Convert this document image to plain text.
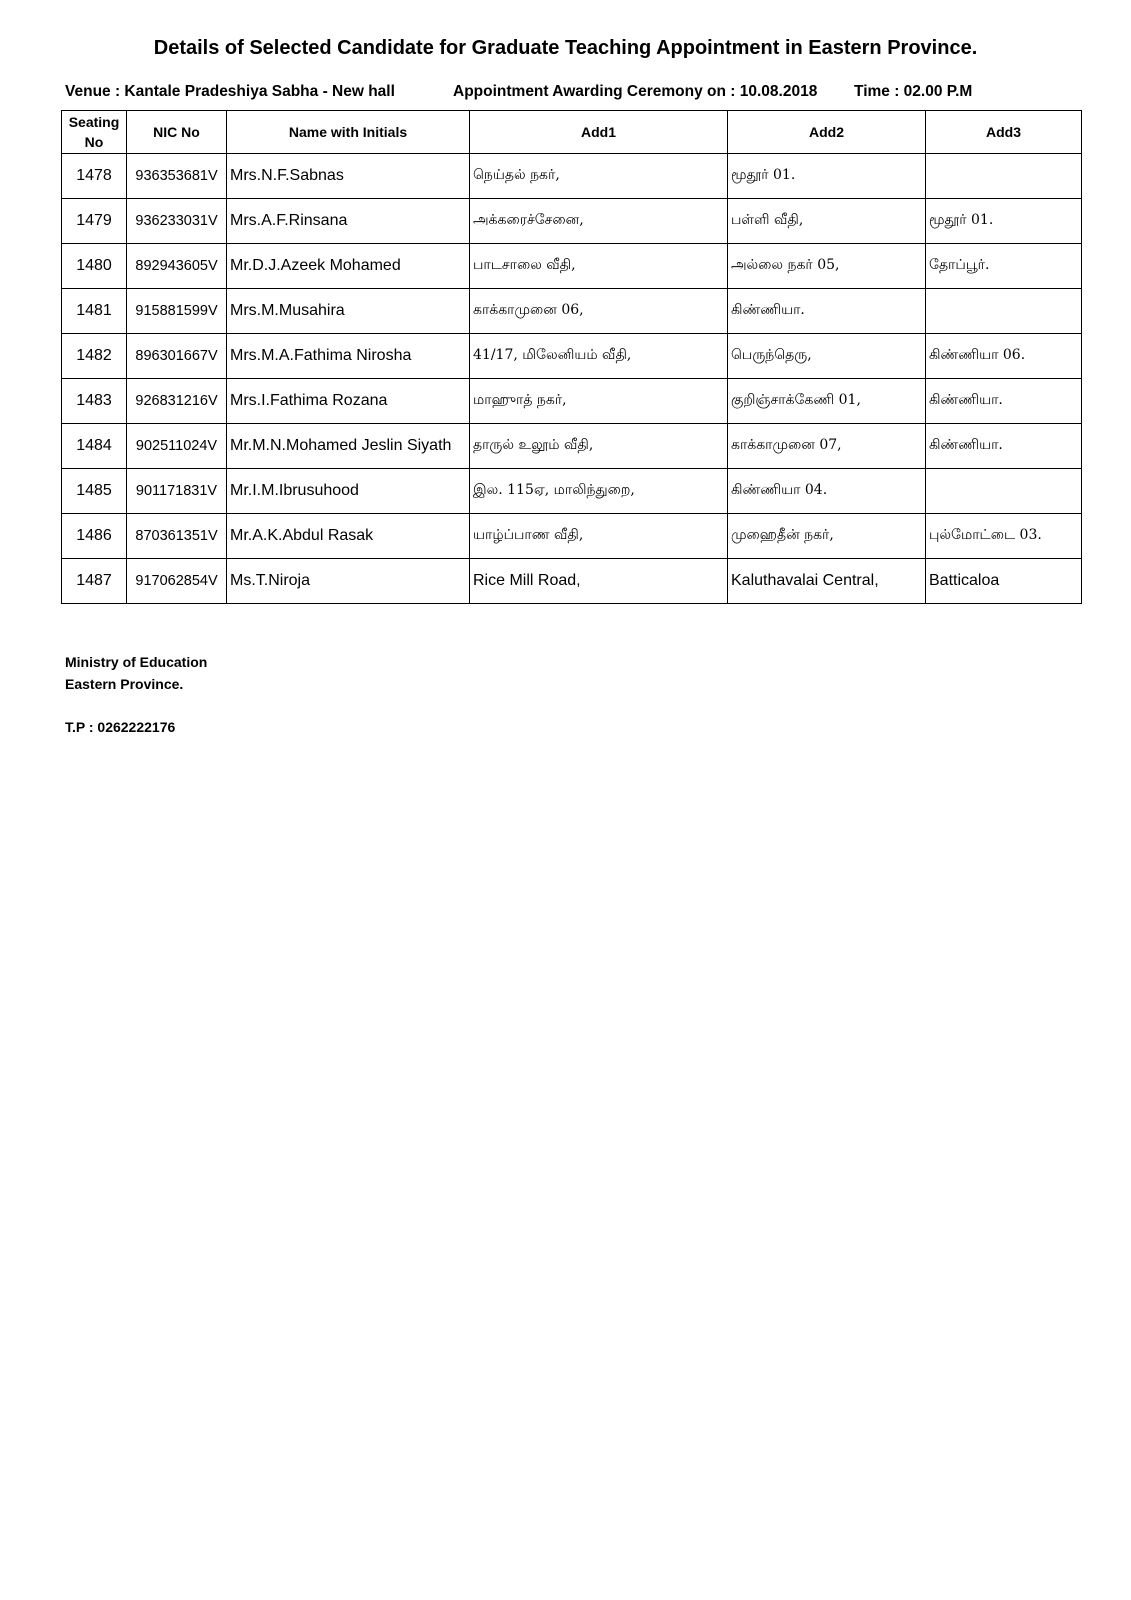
Details of Selected Candidate for Graduate Teaching Appointment in Eastern Province.

Venue : Kantale Pradeshiya Sabha - New hall

	Appointment Awarding Ceremony on : 10.08.2018

Time : 02.00 P.M

Seating No	NIC No	Name with Initials	Add1	Add2	Add3
1478	936353681V	Mrs.N.F.Sabnas	நெய்தல் நகர்,	மூதூர் 01.	
1479	936233031V	Mrs.A.F.Rinsana	அக்கரைச்சேனை,	பள்ளி வீதி,	மூதூர் 01.
1480	892943605V	Mr.D.J.Azeek Mohamed	பாடசாலை வீதி,	அல்லை நகர் 05,	தோப்பூர்.
1481	915881599V	Mrs.M.Musahira	காக்காமுனை 06,	கிண்ணியா.	
1482	896301667V	Mrs.M.A.Fathima Nirosha	41/17, மிலேனியம் வீதி,	பெருந்தெரு,	கிண்ணியா 06.
1483	926831216V	Mrs.I.Fathima Rozana	மாஹுாத் நகர்,	குறிஞ்சாக்கேணி 01,	கிண்ணியா.
1484	902511024V	Mr.M.N.Mohamed Jeslin Siyath	தாருல் உலூம் வீதி,	காக்காமுனை 07,	கிண்ணியா.
1485	901171831V	Mr.I.M.Ibrusuhood	இல. 115ஏ, மாலிந்துறை,	கிண்ணியா 04.	
1486	870361351V	Mr.A.K.Abdul Rasak	யாழ்ப்பாண வீதி,	முஹைதீன் நகர்,	புல்மோட்டை 03.
1487	917062854V	Ms.T.Niroja	Rice Mill Road,	Kaluthavalai Central,	Batticaloa
Ministry of Education
Eastern Province.
T.P : 0262222176
